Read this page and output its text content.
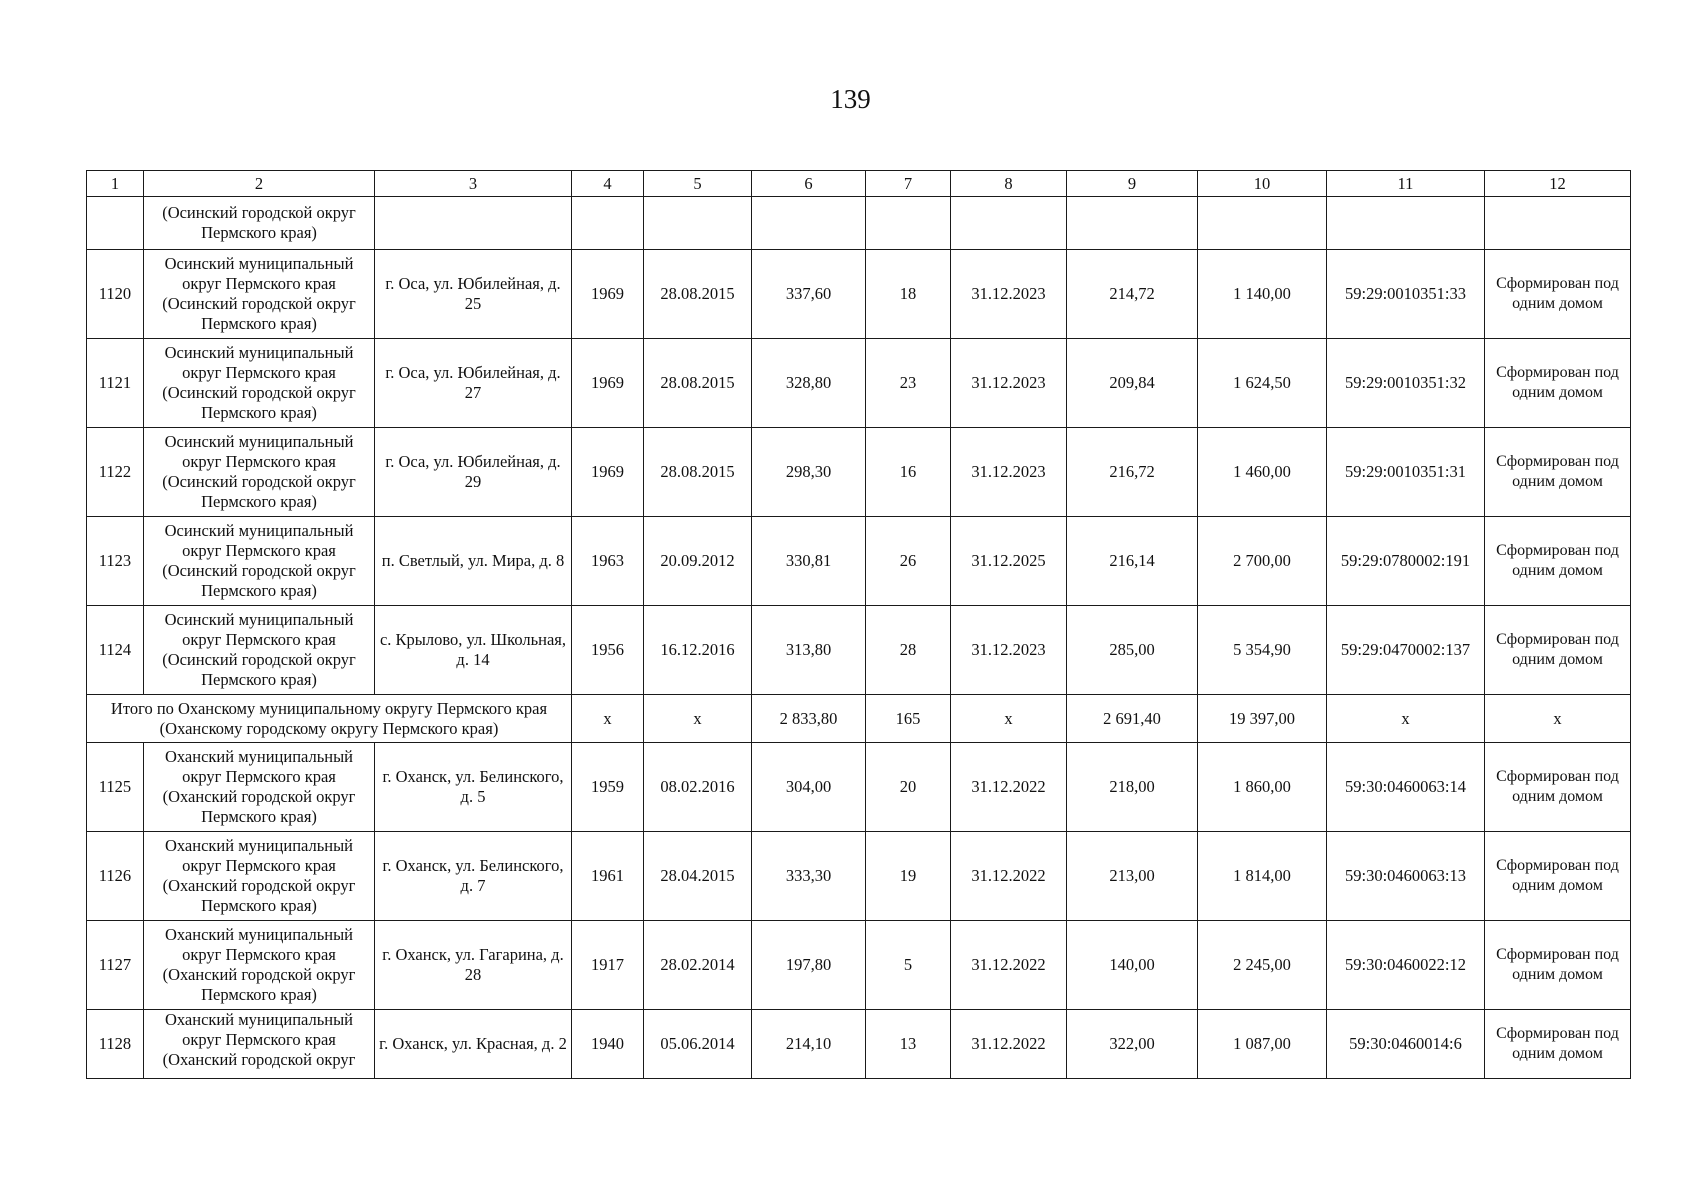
139
1	2	3	4	5	6	7	8	9	10	11	12
	(Осинский городской округ Пермского края)										
1120	Осинский муниципальный округ Пермского края (Осинский городской округ Пермского края)	г. Оса, ул. Юбилейная, д. 25	1969	28.08.2015	337,60	18	31.12.2023	214,72	1 140,00	59:29:0010351:33	Сформирован под одним домом
1121	Осинский муниципальный округ Пермского края (Осинский городской округ Пермского края)	г. Оса, ул. Юбилейная, д. 27	1969	28.08.2015	328,80	23	31.12.2023	209,84	1 624,50	59:29:0010351:32	Сформирован под одним домом
1122	Осинский муниципальный округ Пермского края (Осинский городской округ Пермского края)	г. Оса, ул. Юбилейная, д. 29	1969	28.08.2015	298,30	16	31.12.2023	216,72	1 460,00	59:29:0010351:31	Сформирован под одним домом
1123	Осинский муниципальный округ Пермского края (Осинский городской округ Пермского края)	п. Светлый, ул. Мира, д. 8	1963	20.09.2012	330,81	26	31.12.2025	216,14	2 700,00	59:29:0780002:191	Сформирован под одним домом
1124	Осинский муниципальный округ Пермского края (Осинский городской округ Пермского края)	с. Крылово, ул. Школьная, д. 14	1956	16.12.2016	313,80	28	31.12.2023	285,00	5 354,90	59:29:0470002:137	Сформирован под одним домом
Итого по Оханскому муниципальному округу Пермского края (Оханскому городскому округу Пермского края)			х	х	2 833,80	165	х	2 691,40	19 397,00	х	х
1125	Оханский муниципальный округ Пермского края (Оханский городской округ Пермского края)	г. Оханск, ул. Белинского, д. 5	1959	08.02.2016	304,00	20	31.12.2022	218,00	1 860,00	59:30:0460063:14	Сформирован под одним домом
1126	Оханский муниципальный округ Пермского края (Оханский городской округ Пермского края)	г. Оханск, ул. Белинского, д. 7	1961	28.04.2015	333,30	19	31.12.2022	213,00	1 814,00	59:30:0460063:13	Сформирован под одним домом
1127	Оханский муниципальный округ Пермского края (Оханский городской округ Пермского края)	г. Оханск, ул. Гагарина, д. 28	1917	28.02.2014	197,80	5	31.12.2022	140,00	2 245,00	59:30:0460022:12	Сформирован под одним домом
1128	Оханский муниципальный округ Пермского края (Оханский городской округ	г. Оханск, ул. Красная, д. 2	1940	05.06.2014	214,10	13	31.12.2022	322,00	1 087,00	59:30:0460014:6	Сформирован под одним домом
